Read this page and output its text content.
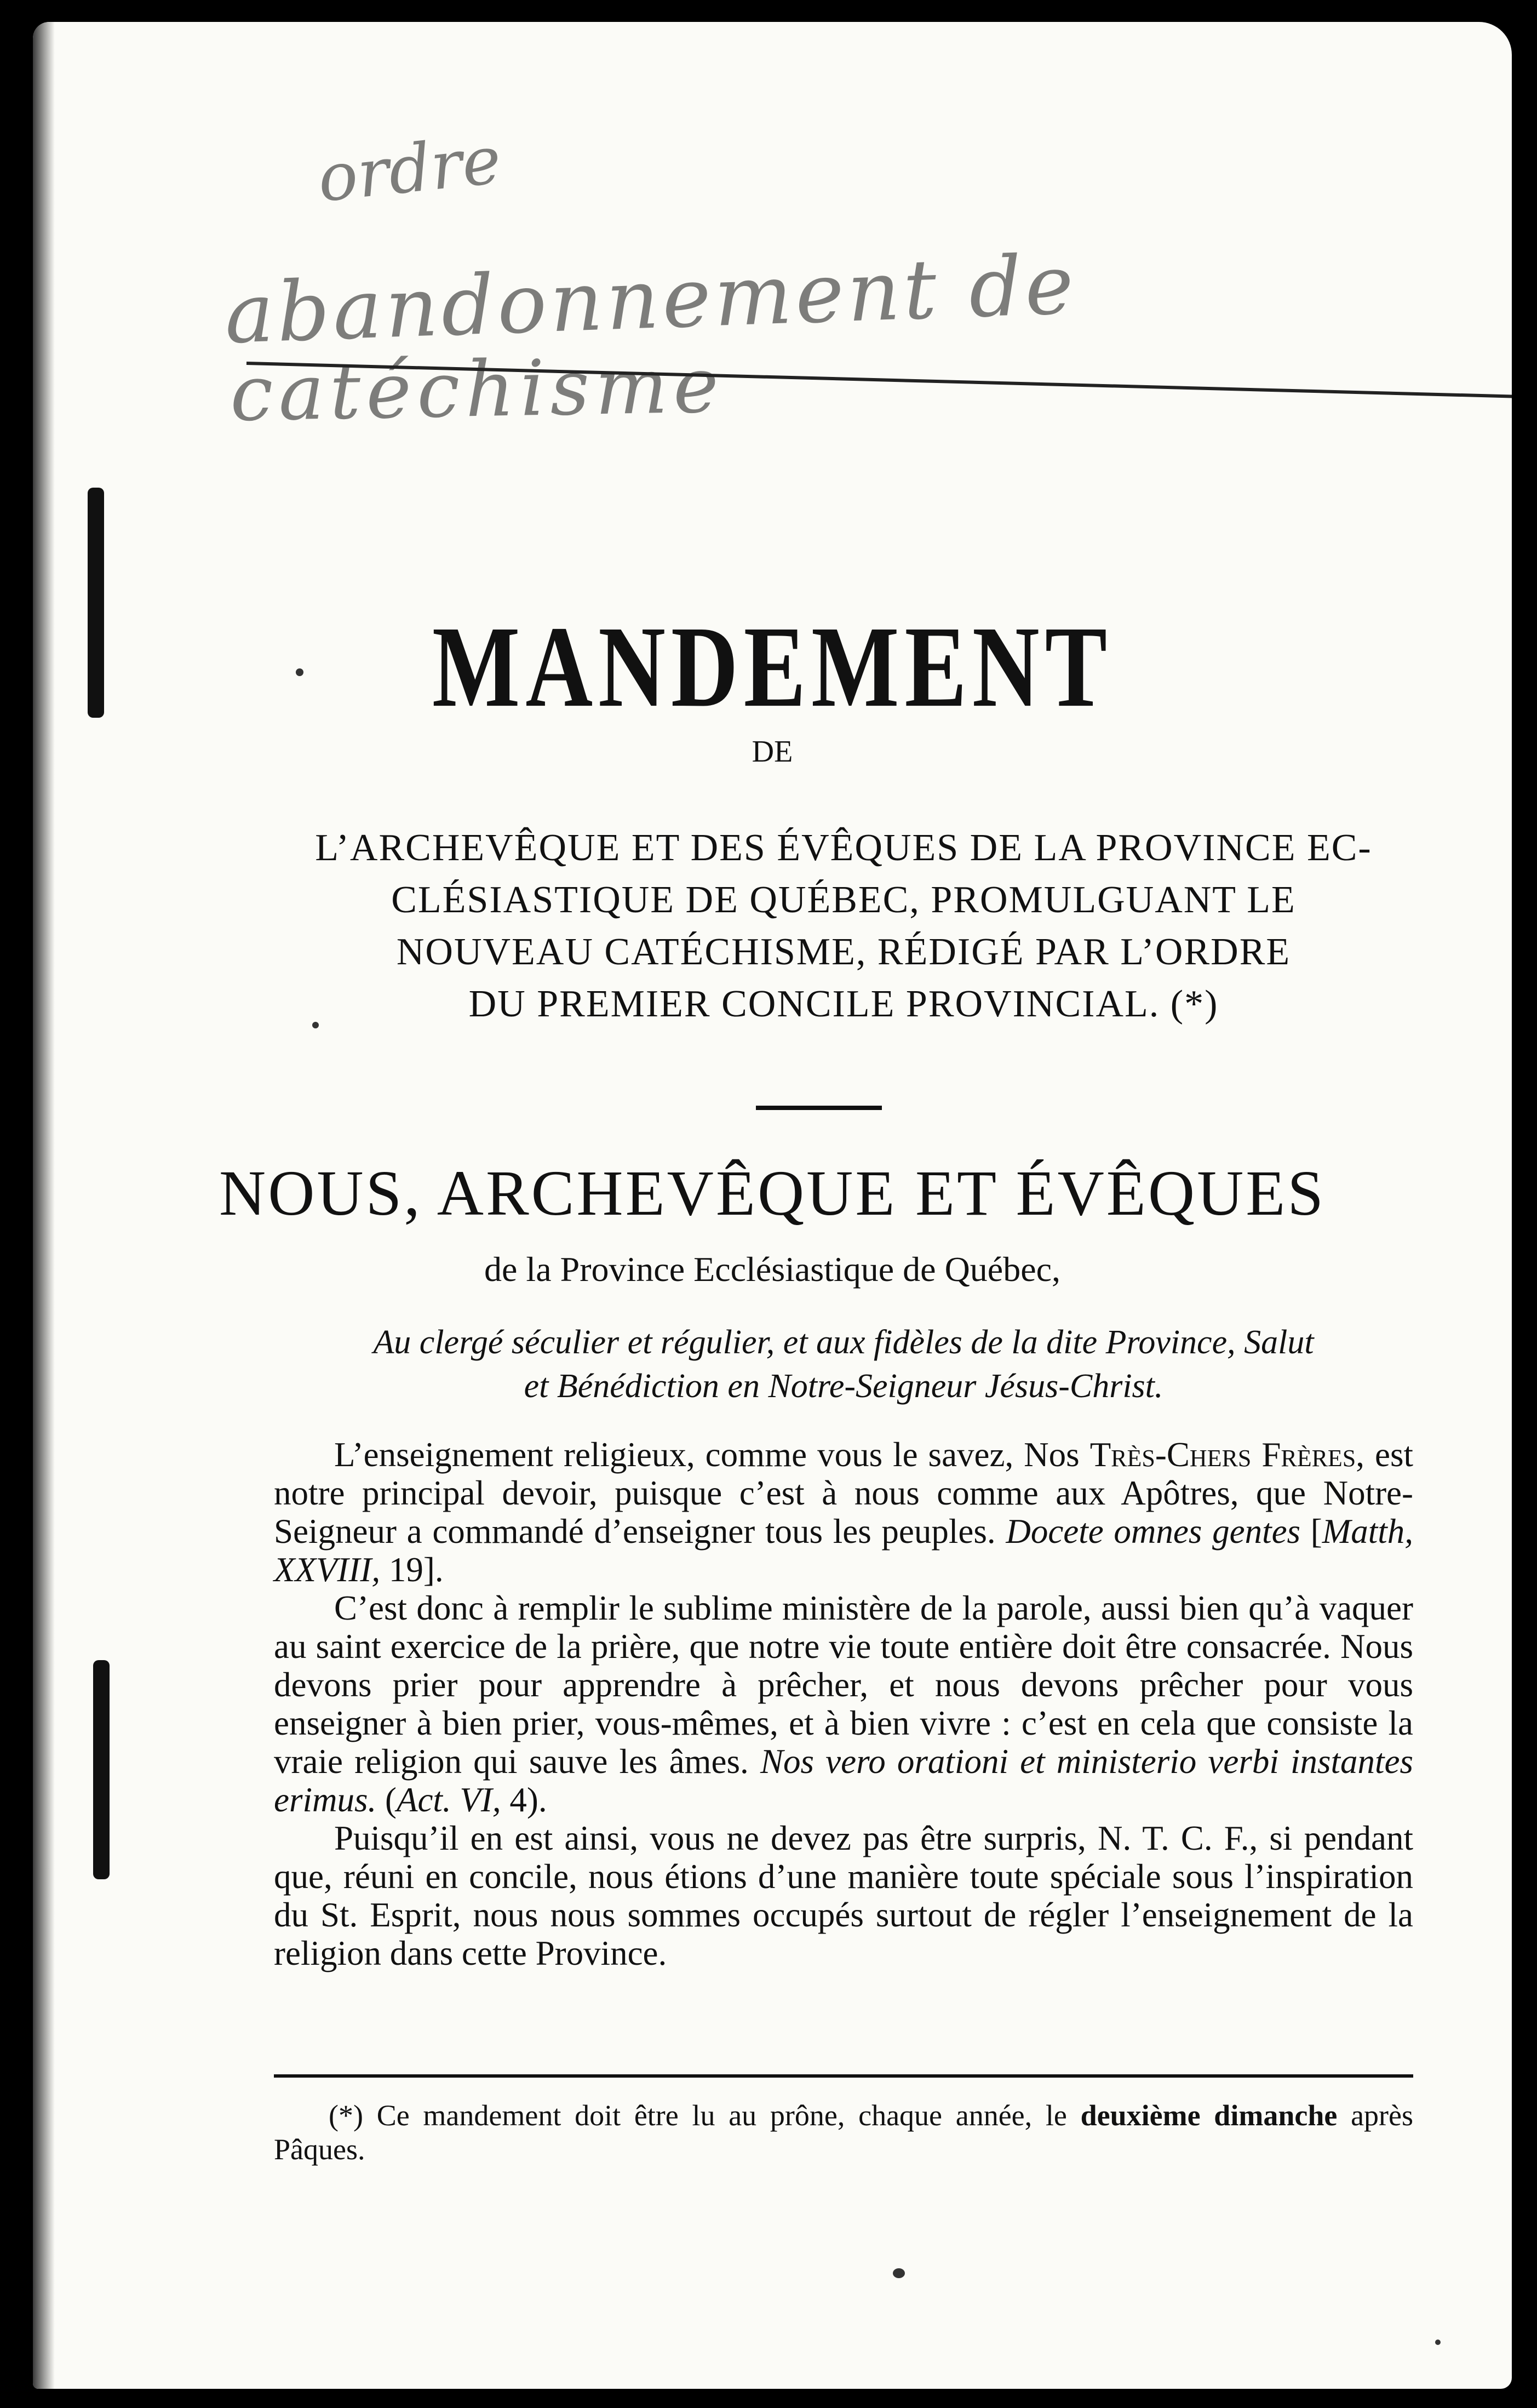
ordre
abandonnement de
catéchisme
MANDEMENT
DE
L’ARCHEVÊQUE ET DES ÉVÊQUES DE LA PROVINCE EC-
CLÉSIASTIQUE DE QUÉBEC, PROMULGUANT LE
NOUVEAU CATÉCHISME, RÉDIGÉ PAR L’ORDRE
DU PREMIER CONCILE PROVINCIAL. (*)
NOUS, ARCHEVÊQUE ET ÉVÊQUES
de la Province Ecclésiastique de Québec,
Au clergé séculier et régulier, et aux fidèles de la dite Province, Salut
et Bénédiction en Notre-Seigneur Jésus-Christ.

L’enseignement religieux, comme vous le savez, Nos Très-Chers Frères, est notre principal devoir, puisque c’est à nous comme aux Apôtres, que Notre-Seigneur a commandé d’enseigner tous les peuples. Docete omnes gentes [Matth, XXVIII, 19].

C’est donc à remplir le sublime ministère de la parole, aussi bien qu’à vaquer au saint exercice de la prière, que notre vie toute entière doit être consacrée. Nous devons prier pour apprendre à prêcher, et nous devons prêcher pour vous enseigner à bien prier, vous-mêmes, et à bien vivre : c’est en cela que consiste la vraie religion qui sauve les âmes. Nos vero orationi et ministerio verbi instantes erimus. (Act. VI, 4).

Puisqu’il en est ainsi, vous ne devez pas être surpris, N. T. C. F., si pendant que, réuni en concile, nous étions d’une manière toute spéciale sous l’inspiration du St. Esprit, nous nous sommes occupés surtout de régler l’enseignement de la religion dans cette Province.

(*) Ce mandement doit être lu au prône, chaque année, le deuxième dimanche après Pâques.
